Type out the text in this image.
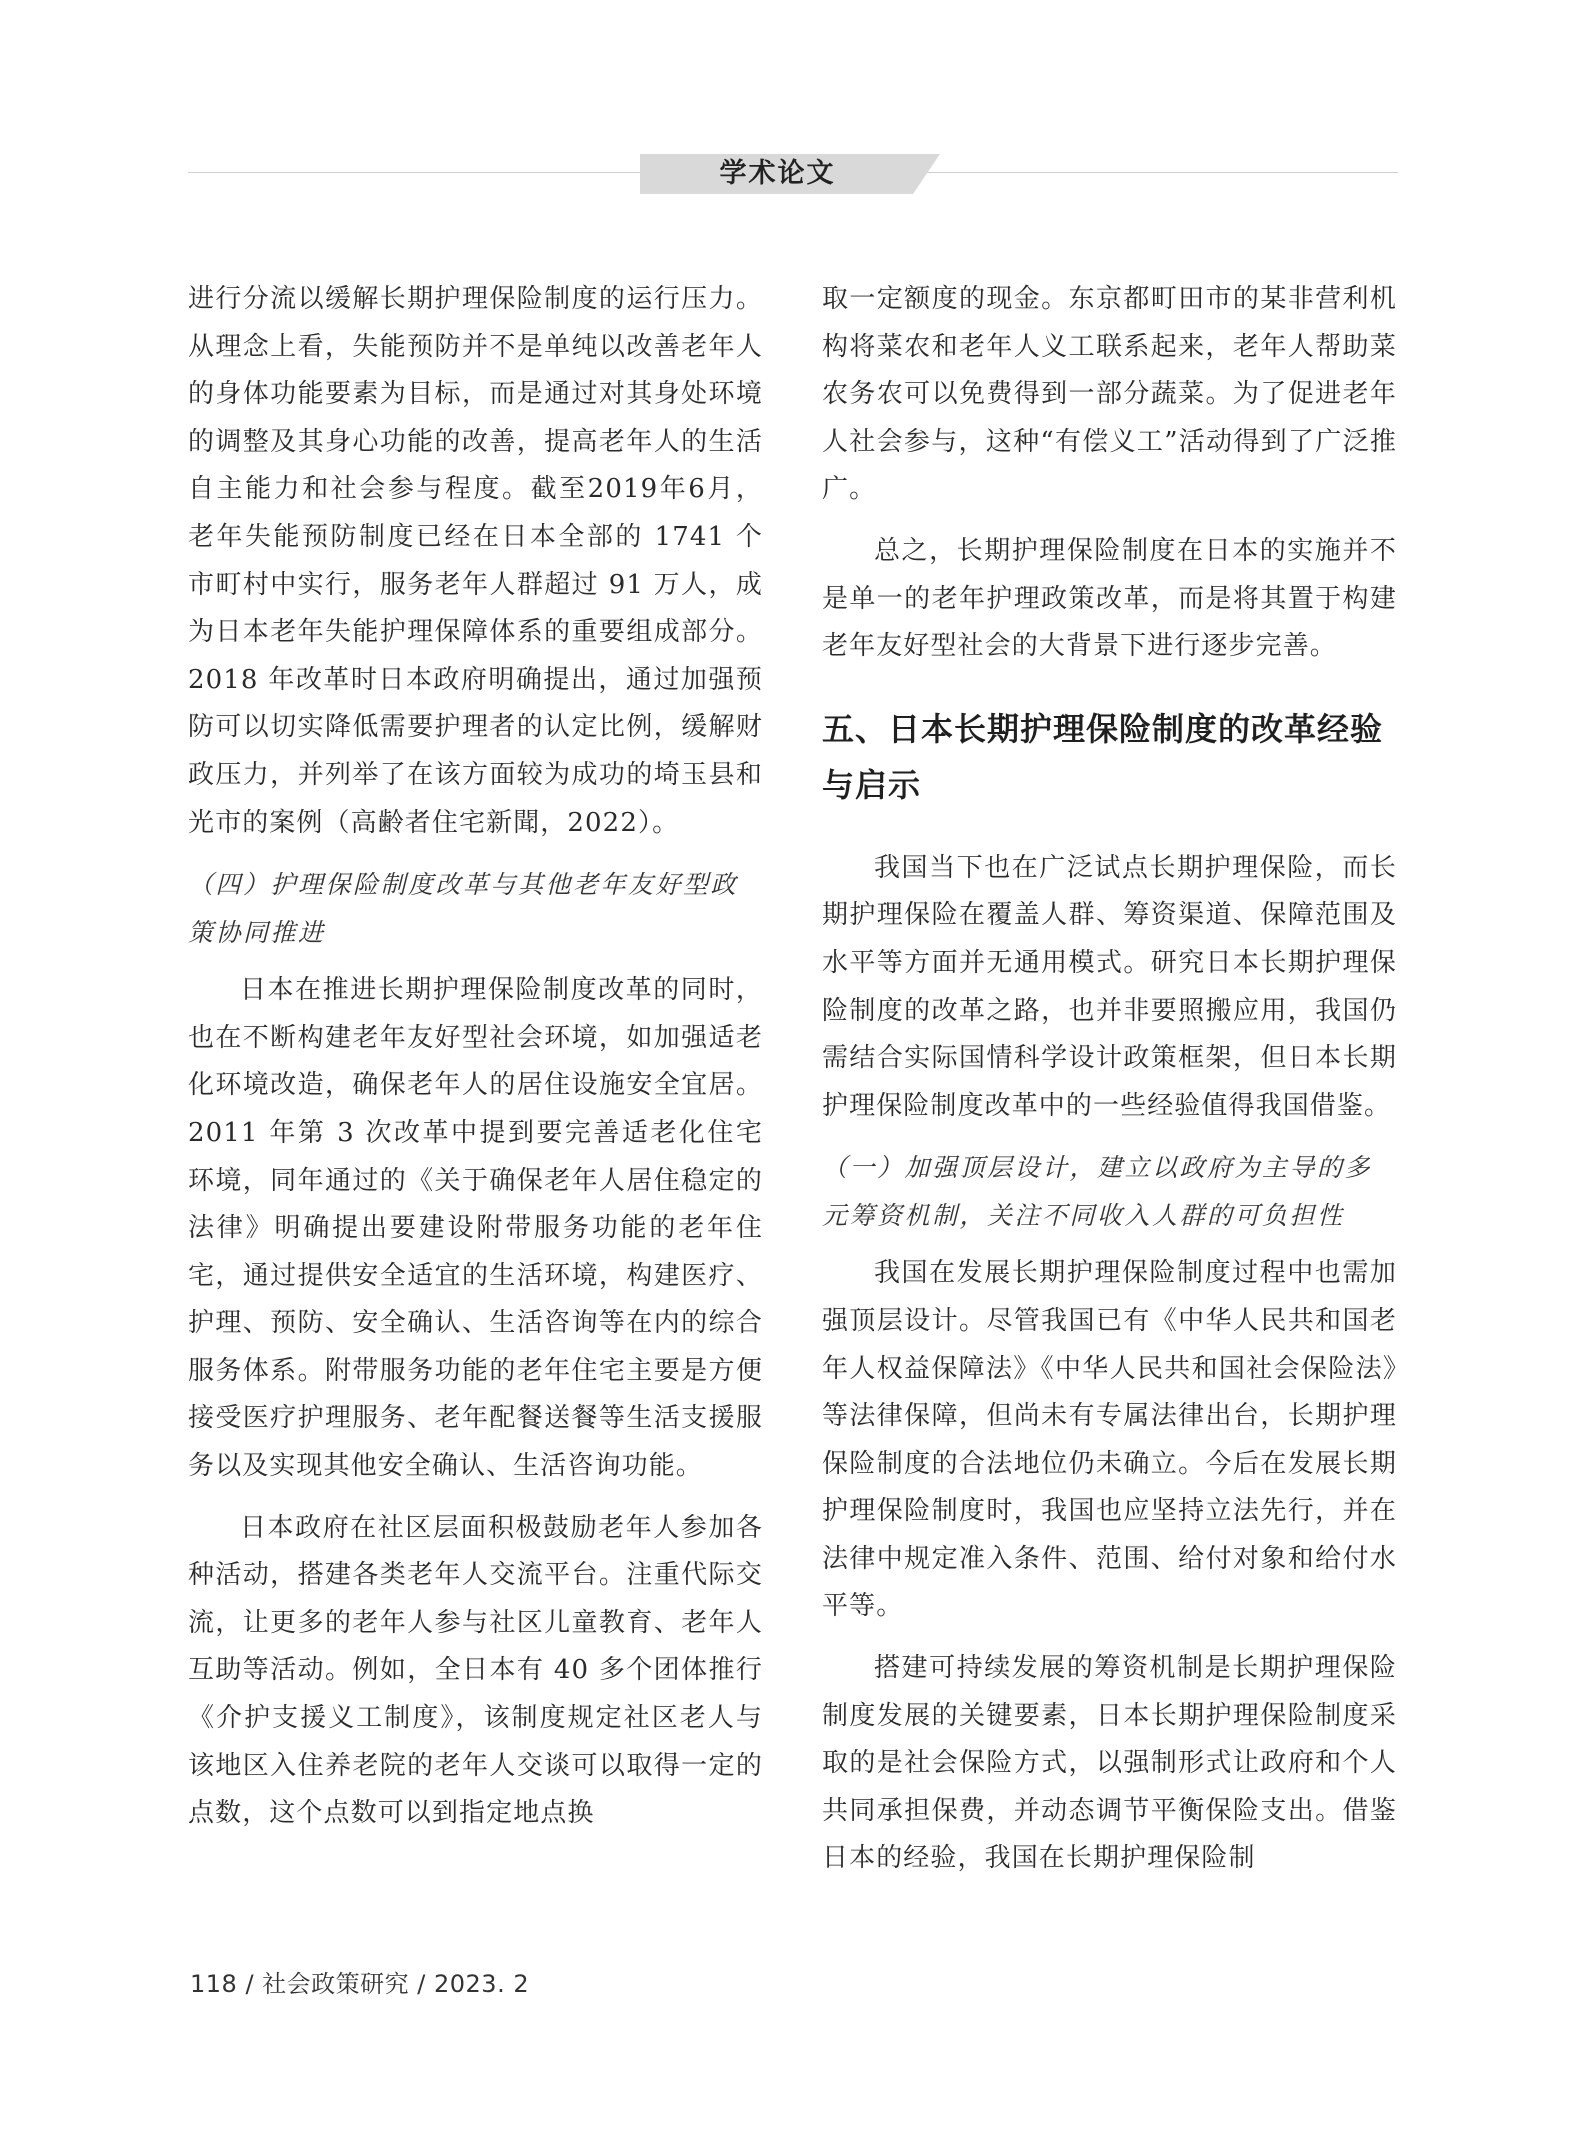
学术论文

进行分流以缓解长期护理保险制度的运行压力。从理念上看，失能预防并不是单纯以改善老年人的身体功能要素为目标，而是通过对其身处环境的调整及其身心功能的改善，提高老年人的生活自主能力和社会参与程度。截至2019年6月，老年失能预防制度已经在日本全部的 1741 个市町村中实行，服务老年人群超过 91 万人，成为日本老年失能护理保障体系的重要组成部分。2018 年改革时日本政府明确提出，通过加强预防可以切实降低需要护理者的认定比例，缓解财政压力，并列举了在该方面较为成功的埼玉县和光市的案例（高齢者住宅新聞，2022）。

（四）护理保险制度改革与其他老年友好型政策协同推进

日本在推进长期护理保险制度改革的同时，也在不断构建老年友好型社会环境，如加强适老化环境改造，确保老年人的居住设施安全宜居。2011 年第 3 次改革中提到要完善适老化住宅环境，同年通过的《关于确保老年人居住稳定的法律》明确提出要建设附带服务功能的老年住宅，通过提供安全适宜的生活环境，构建医疗、护理、预防、安全确认、生活咨询等在内的综合服务体系。附带服务功能的老年住宅主要是方便接受医疗护理服务、老年配餐送餐等生活支援服务以及实现其他安全确认、生活咨询功能。

日本政府在社区层面积极鼓励老年人参加各种活动，搭建各类老年人交流平台。注重代际交流，让更多的老年人参与社区儿童教育、老年人互助等活动。例如，全日本有 40 多个团体推行《介护支援义工制度》，该制度规定社区老人与该地区入住养老院的老年人交谈可以取得一定的点数，这个点数可以到指定地点换

取一定额度的现金。东京都町田市的某非营利机构将菜农和老年人义工联系起来，老年人帮助菜农务农可以免费得到一部分蔬菜。为了促进老年人社会参与，这种“有偿义工”活动得到了广泛推广。

总之，长期护理保险制度在日本的实施并不是单一的老年护理政策改革，而是将其置于构建老年友好型社会的大背景下进行逐步完善。

五、日本长期护理保险制度的改革经验与启示

我国当下也在广泛试点长期护理保险，而长期护理保险在覆盖人群、筹资渠道、保障范围及水平等方面并无通用模式。研究日本长期护理保险制度的改革之路，也并非要照搬应用，我国仍需结合实际国情科学设计政策框架，但日本长期护理保险制度改革中的一些经验值得我国借鉴。

（一）加强顶层设计，建立以政府为主导的多元筹资机制，关注不同收入人群的可负担性

我国在发展长期护理保险制度过程中也需加强顶层设计。尽管我国已有《中华人民共和国老年人权益保障法》《中华人民共和国社会保险法》等法律保障，但尚未有专属法律出台，长期护理保险制度的合法地位仍未确立。今后在发展长期护理保险制度时，我国也应坚持立法先行，并在法律中规定准入条件、范围、给付对象和给付水平等。

搭建可持续发展的筹资机制是长期护理保险制度发展的关键要素，日本长期护理保险制度采取的是社会保险方式，以强制形式让政府和个人共同承担保费，并动态调节平衡保险支出。借鉴日本的经验，我国在长期护理保险制

118 / 社会政策研究 / 2023. 2
